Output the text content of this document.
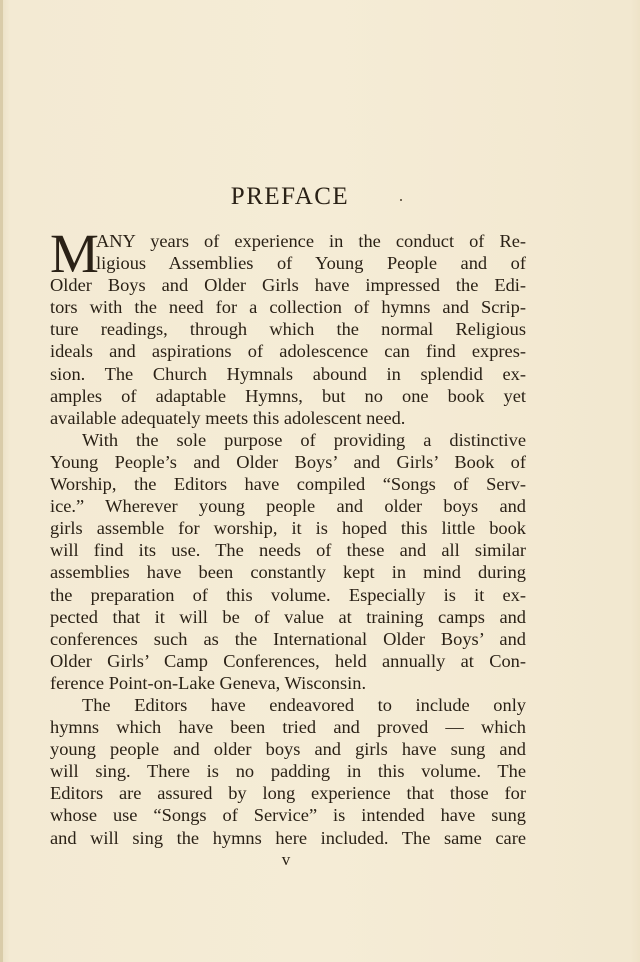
PREFACE
M
ANY years of experience in the conduct of Re-
ligious Assemblies of Young People and of
Older Boys and Older Girls have impressed the Edi-
tors with the need for a collection of hymns and Scrip-
ture readings, through which the normal Religious
ideals and aspirations of adolescence can find expres-
sion. The Church Hymnals abound in splendid ex-
amples of adaptable Hymns, but no one book yet
available adequately meets this adolescent need.
With the sole purpose of providing a distinctive
Young People’s and Older Boys’ and Girls’ Book of
Worship, the Editors have compiled “Songs of Serv-
ice.” Wherever young people and older boys and
girls assemble for worship, it is hoped this little book
will find its use. The needs of these and all similar
assemblies have been constantly kept in mind during
the preparation of this volume. Especially is it ex-
pected that it will be of value at training camps and
conferences such as the International Older Boys’ and
Older Girls’ Camp Conferences, held annually at Con-
ference Point-on-Lake Geneva, Wisconsin.
The Editors have endeavored to include only
hymns which have been tried and proved — which
young people and older boys and girls have sung and
will sing. There is no padding in this volume. The
Editors are assured by long experience that those for
whose use “Songs of Service” is intended have sung
and will sing the hymns here included. The same care
v
